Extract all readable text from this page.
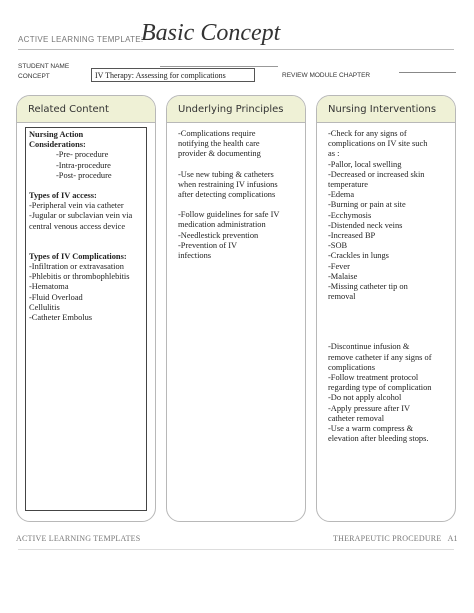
ACTIVE LEARNING TEMPLATE:
Basic Concept
STUDENT NAME
CONCEPT	IV Therapy: Assessing for complications	REVIEW MODULE CHAPTER
Related Content
Nursing Action
Considerations:
-Pre- procedure
-Intra-procedure
-Post- procedure
Types of IV access:
-Peripheral vein via catheter
-Jugular or subclavian vein via
central venous access device
Types of IV Complications:
-Infiltration or extravasation
-Phlebitis or thrombophlebitis
-Hematoma
-Fluid Overload
Cellulitis
-Catheter Embolus
Underlying Principles
-Complications require
notifying the health care
provider & documenting
-Use new tubing & catheters
when restraining IV infusions
after detecting complications
-Follow guidelines for safe IV
medication administration
-Needlestick prevention
-Prevention of IV
infections
Nursing Interventions
-Check for any signs of
complications on IV site such
as :
-Pallor, local swelling
-Decreased or increased skin
temperature
-Edema
-Burning or pain at site
-Ecchymosis
-Distended neck veins
-Increased BP
-SOB
-Crackles in lungs
-Fever
-Malaise
-Missing catheter tip on
removal
-Discontinue infusion &
remove catheter if any signs of
complications
-Follow treatment protocol
regarding type of complication
-Do not apply alcohol
-Apply pressure after IV
catheter removal
-Use a warm compress &
elevation after bleeding stops.
ACTIVE LEARNING TEMPLATES	THERAPEUTIC PROCEDURE   A1
